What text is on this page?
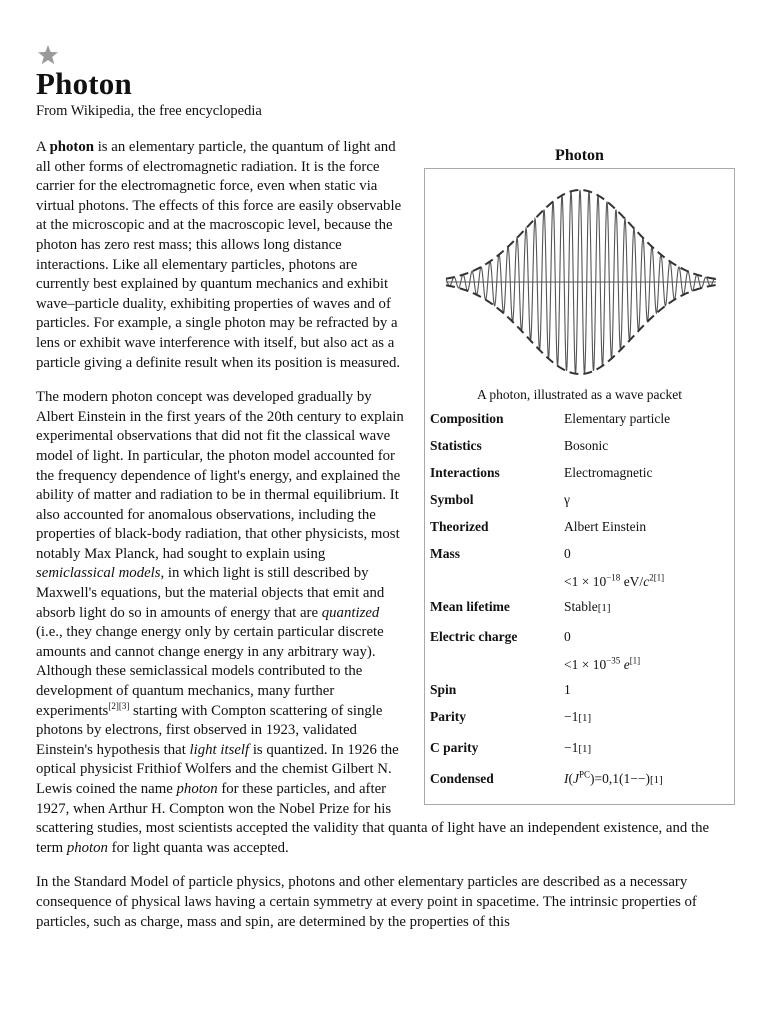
Photon
From Wikipedia, the free encyclopedia
Photon
A photon, illustrated as a wave packet
Composition	Elementary particle
Statistics	Bosonic
Interactions	Electromagnetic
Symbol	γ
Theorized	Albert Einstein
Mass	0
$<1 \times 10^{-18}$ $eV/c^{2[1]}$

Mean lifetime	Stable[1]
Electric charge	0
$<1 \times 10^{-35}$ e[1]

Spin	1
Parity	−1[1]
C parity	−1[1]
Condensed	$I(J^{PC})=0,1(1--)[1]$

A photon is an elementary particle, the quantum of light and all other forms of electromagnetic radiation. It is the force carrier for the electromagnetic force, even when static via virtual photons. The effects of this force are easily observable at the microscopic and at the macroscopic level, because the photon has zero rest mass; this allows long distance interactions. Like all elementary particles, photons are currently best explained by quantum mechanics and exhibit wave–particle duality, exhibiting properties of waves and of particles. For example, a single photon may be refracted by a lens or exhibit wave interference with itself, but also act as a particle giving a definite result when its position is measured.

The modern photon concept was developed gradually by Albert Einstein in the first years of the 20th century to explain experimental observations that did not fit the classical wave model of light. In particular, the photon model accounted for the frequency dependence of light's energy, and explained the ability of matter and radiation to be in thermal equilibrium. It also accounted for anomalous observations, including the properties of black-body radiation, that other physicists, most notably Max Planck, had sought to explain using semiclassical models, in which light is still described by Maxwell's equations, but the material objects that emit and absorb light do so in amounts of energy that are quantized (i.e., they change energy only by certain particular discrete amounts and cannot change energy in any arbitrary way). Although these semiclassical models contributed to the development of quantum mechanics, many further experiments[2][3] starting with Compton scattering of single photons by electrons, first observed in 1923, validated Einstein's hypothesis that light itself is quantized. In 1926 the optical physicist Frithiof Wolfers and the chemist Gilbert N. Lewis coined the name photon for these particles, and after 1927, when Arthur H. Compton won the Nobel Prize for his scattering studies, most scientists accepted the validity that quanta of light have an independent existence, and the term photon for light quanta was accepted.

In the Standard Model of particle physics, photons and other elementary particles are described as a necessary consequence of physical laws having a certain symmetry at every point in spacetime. The intrinsic properties of particles, such as charge, mass and spin, are determined by the properties of this
